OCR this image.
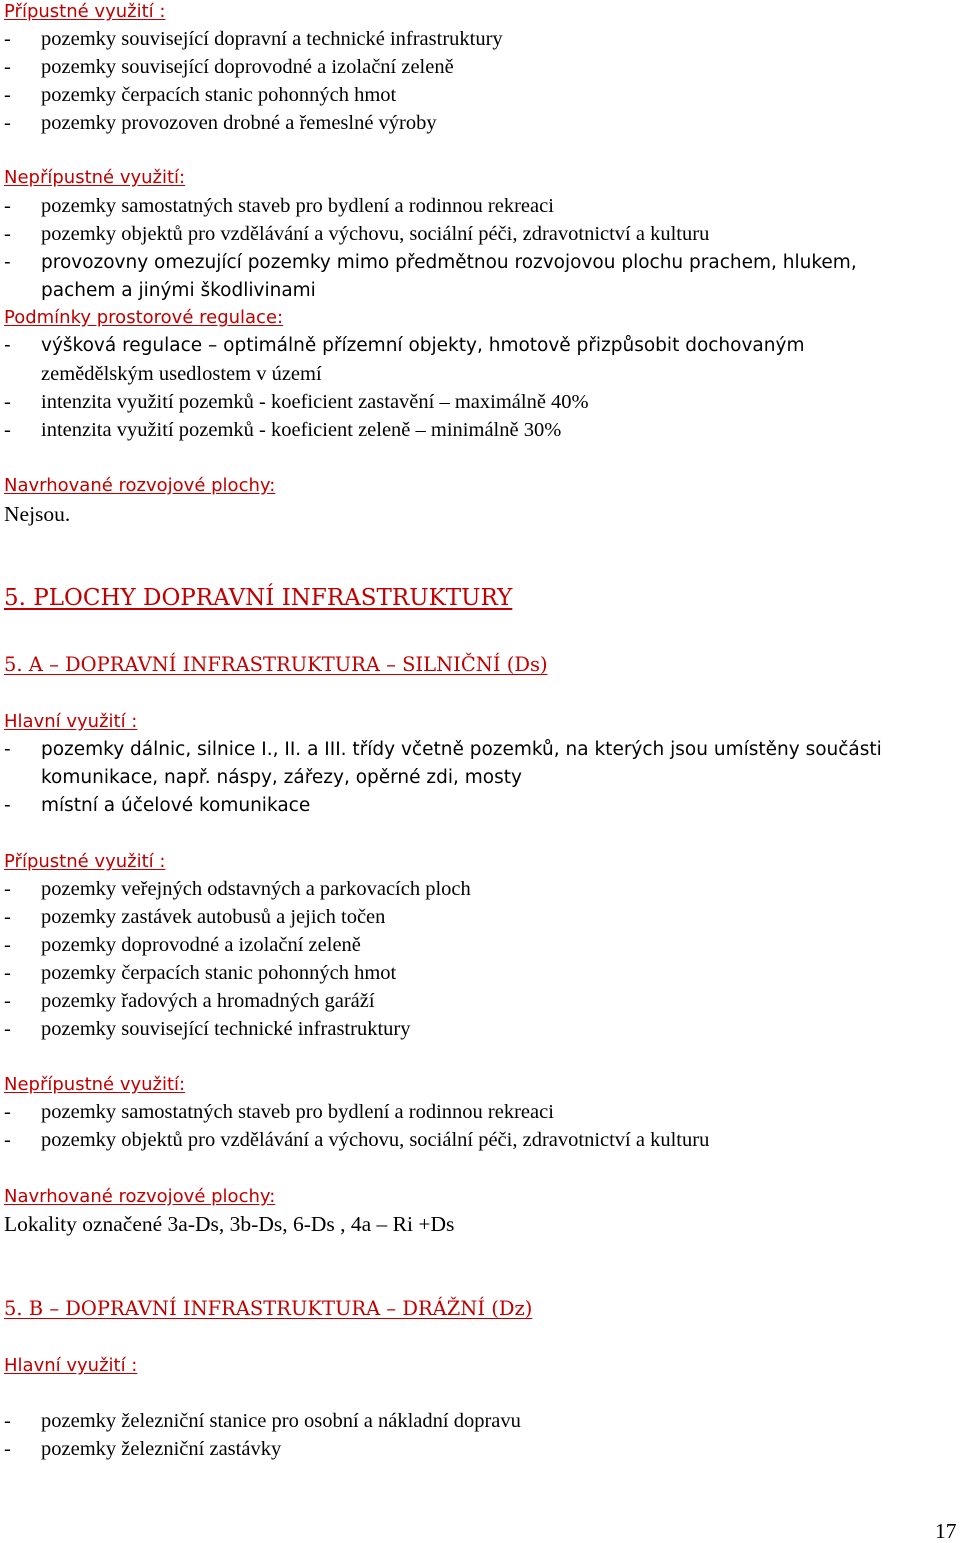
Přípustné využití :
- pozemky související dopravní a technické infrastruktury
- pozemky související doprovodné a izolační zeleně
- pozemky čerpacích stanic pohonných hmot
- pozemky provozoven drobné a řemeslné výroby
Nepřípustné využití:
- pozemky samostatných staveb pro bydlení a rodinnou rekreaci
- pozemky objektů pro vzdělávání a výchovu, sociální péči, zdravotnictví a kulturu
- provozovny omezující pozemky mimo předmětnou rozvojovou plochu prachem, hlukem,
pachem a jinými škodlivinami
Podmínky prostorové regulace:
- výšková regulace – optimálně přízemní objekty, hmotově přizpůsobit dochovaným
zemědělským usedlostem v území
- intenzita využití pozemků - koeficient zastavění – maximálně 40%
- intenzita využití pozemků - koeficient zeleně – minimálně 30%
Navrhované rozvojové plochy:
Nejsou.
5. PLOCHY DOPRAVNÍ INFRASTRUKTURY
5. A – DOPRAVNÍ INFRASTRUKTURA – SILNIČNÍ (Ds)
Hlavní využití :
- pozemky dálnic, silnice I., II. a III. třídy včetně pozemků, na kterých jsou umístěny součásti
komunikace, např. náspy, zářezy, opěrné zdi, mosty
- místní a účelové komunikace
Přípustné využití :
- pozemky veřejných odstavných a parkovacích ploch
- pozemky zastávek autobusů a jejich točen
- pozemky doprovodné a izolační zeleně
- pozemky čerpacích stanic pohonných hmot
- pozemky řadových a hromadných garáží
- pozemky související technické infrastruktury
Nepřípustné využití:
- pozemky samostatných staveb pro bydlení a rodinnou rekreaci
- pozemky objektů pro vzdělávání a výchovu, sociální péči, zdravotnictví a kulturu
Navrhované rozvojové plochy:
Lokality označené 3a-Ds, 3b-Ds, 6-Ds , 4a – Ri +Ds
5. B – DOPRAVNÍ INFRASTRUKTURA – DRÁŽNÍ (Dz)
Hlavní využití :
- pozemky železniční stanice pro osobní a nákladní dopravu
- pozemky železniční zastávky
17
